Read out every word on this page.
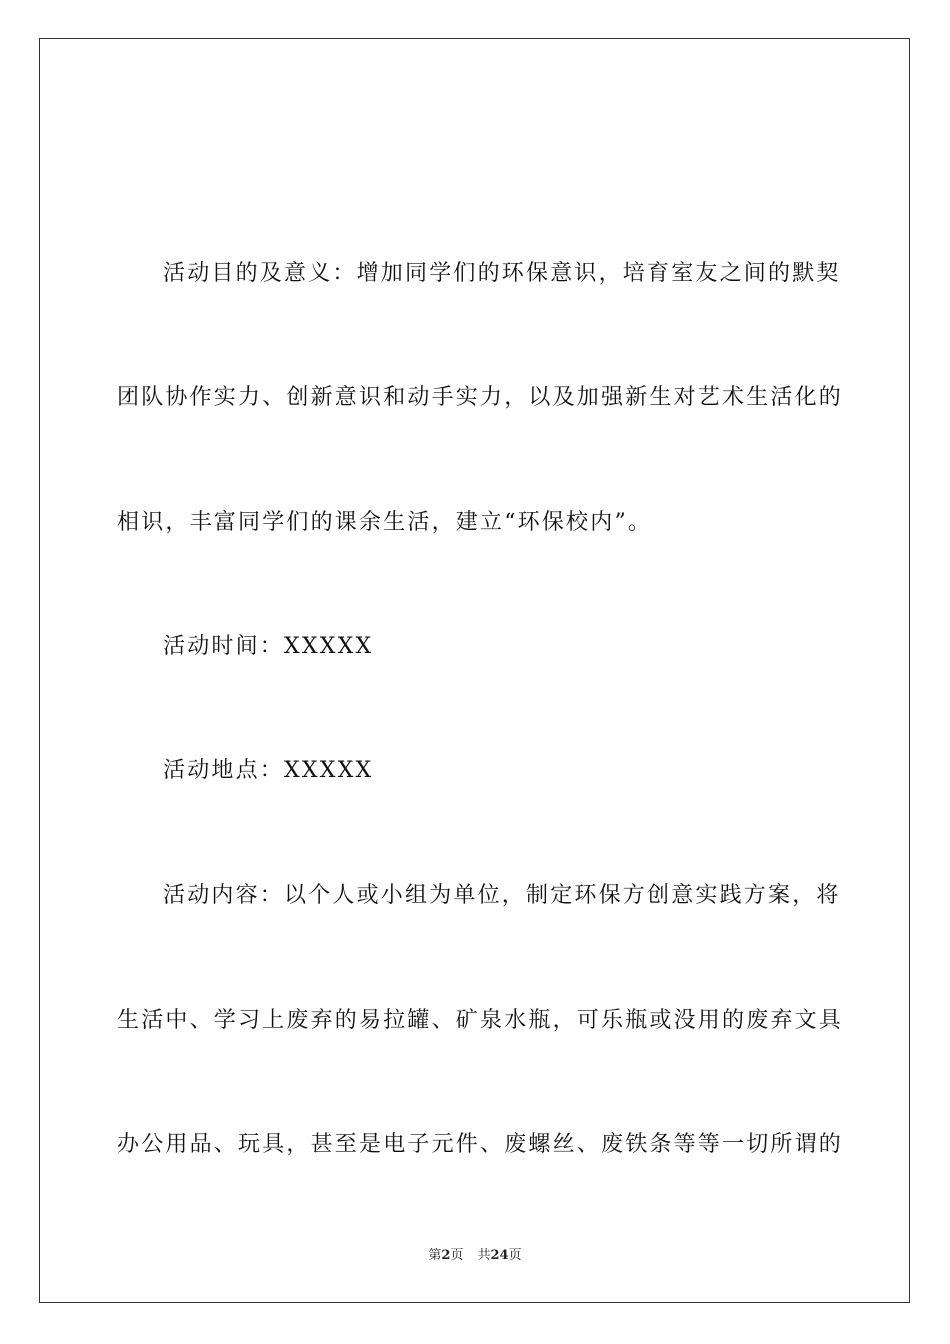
活动目的及意义：增加同学们的环保意识，培育室友之间的默契
团队协作实力、创新意识和动手实力，以及加强新生对艺术生活化的
相识，丰富同学们的课余生活，建立“环保校内”。
活动时间：XXXXX
活动地点：XXXXX
活动内容：以个人或小组为单位，制定环保方创意实践方案，将
生活中、学习上废弃的易拉罐、矿泉水瓶，可乐瓶或没用的废弃文具
办公用品、玩具，甚至是电子元件、废螺丝、废铁条等等一切所谓的
第2页 共24页
